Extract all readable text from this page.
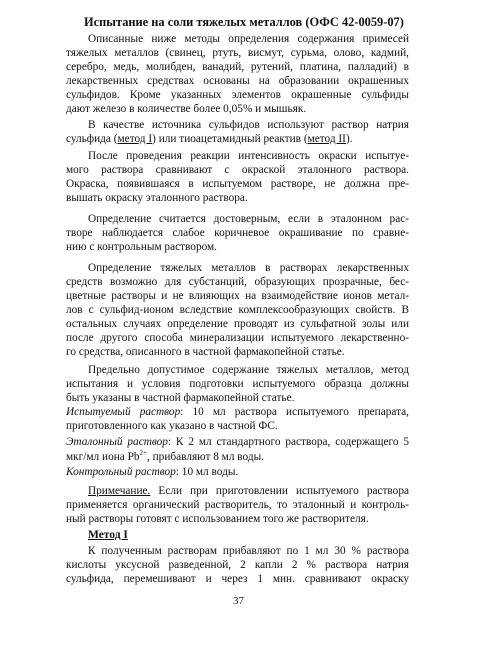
Испытание на соли тяжелых металлов (ОФС 42-0059-07)
Описанные ниже методы определения содержания примесей
тяжелых металлов (свинец, ртуть, висмут, сурьма, олово, кадмий,
серебро, медь, молибден, ванадий, рутений, платина, палладий) в
лекарственных средствах основаны на образовании окрашенных
сульфидов. Кроме указанных элементов окрашенные сульфиды
дают железо в количестве более 0,05% и мышьяк.
В качестве источника сульфидов используют раствор натрия
сульфида (метод I) или тиоацетамидный реактив (метод II).
После проведения реакции интенсивность окраски испытуе-
мого раствора сравнивают с окраской эталонного раствора.
Окраска, появившаяся в испытуемом растворе, не должна пре-
вышать окраску эталонного раствора.
Определение считается достоверным, если в эталонном рас-
творе наблюдается слабое коричневое окрашивание по сравне-
нию с контрольным раствором.
Определение тяжелых металлов в растворах лекарственных
средств возможно для субстанций, образующих прозрачные, бес-
цветные растворы и не влияющих на взаимодействие ионов метал-
лов с сульфид-ионом вследствие комплексообразующих свойств. В
остальных случаях определение проводят из сульфатной золы или
после другого способа минерализации испытуемого лекарственно-
го средства, описанного в частной фармакопейной статье.
Предельно допустимое содержание тяжелых металлов, метод
испытания и условия подготовки испытуемого образца должны
быть указаны в частной фармакопейной статье.
Испытуемый раствор: 10 мл раствора испытуемого препарата,
приготовленного как указано в частной ФС.
Эталонный раствор: К 2 мл стандартного раствора, содержащего 5
мкг/мл иона $Pb^{2+}$, прибавляют 8 мл воды.
Контрольный раствор: 10 мл воды.
Примечание. Если при приготовлении испытуемого раствора
применяется органический растворитель, то эталонный и контроль-
ный растворы готовят с использованием того же растворителя.
Метод I
К полученным растворам прибавляют по 1 мл 30 % раствора
кислоты уксусной разведенной, 2 капли 2 % раствора натрия
сульфида, перемешивают и через 1 мин. сравнивают окраску
37
